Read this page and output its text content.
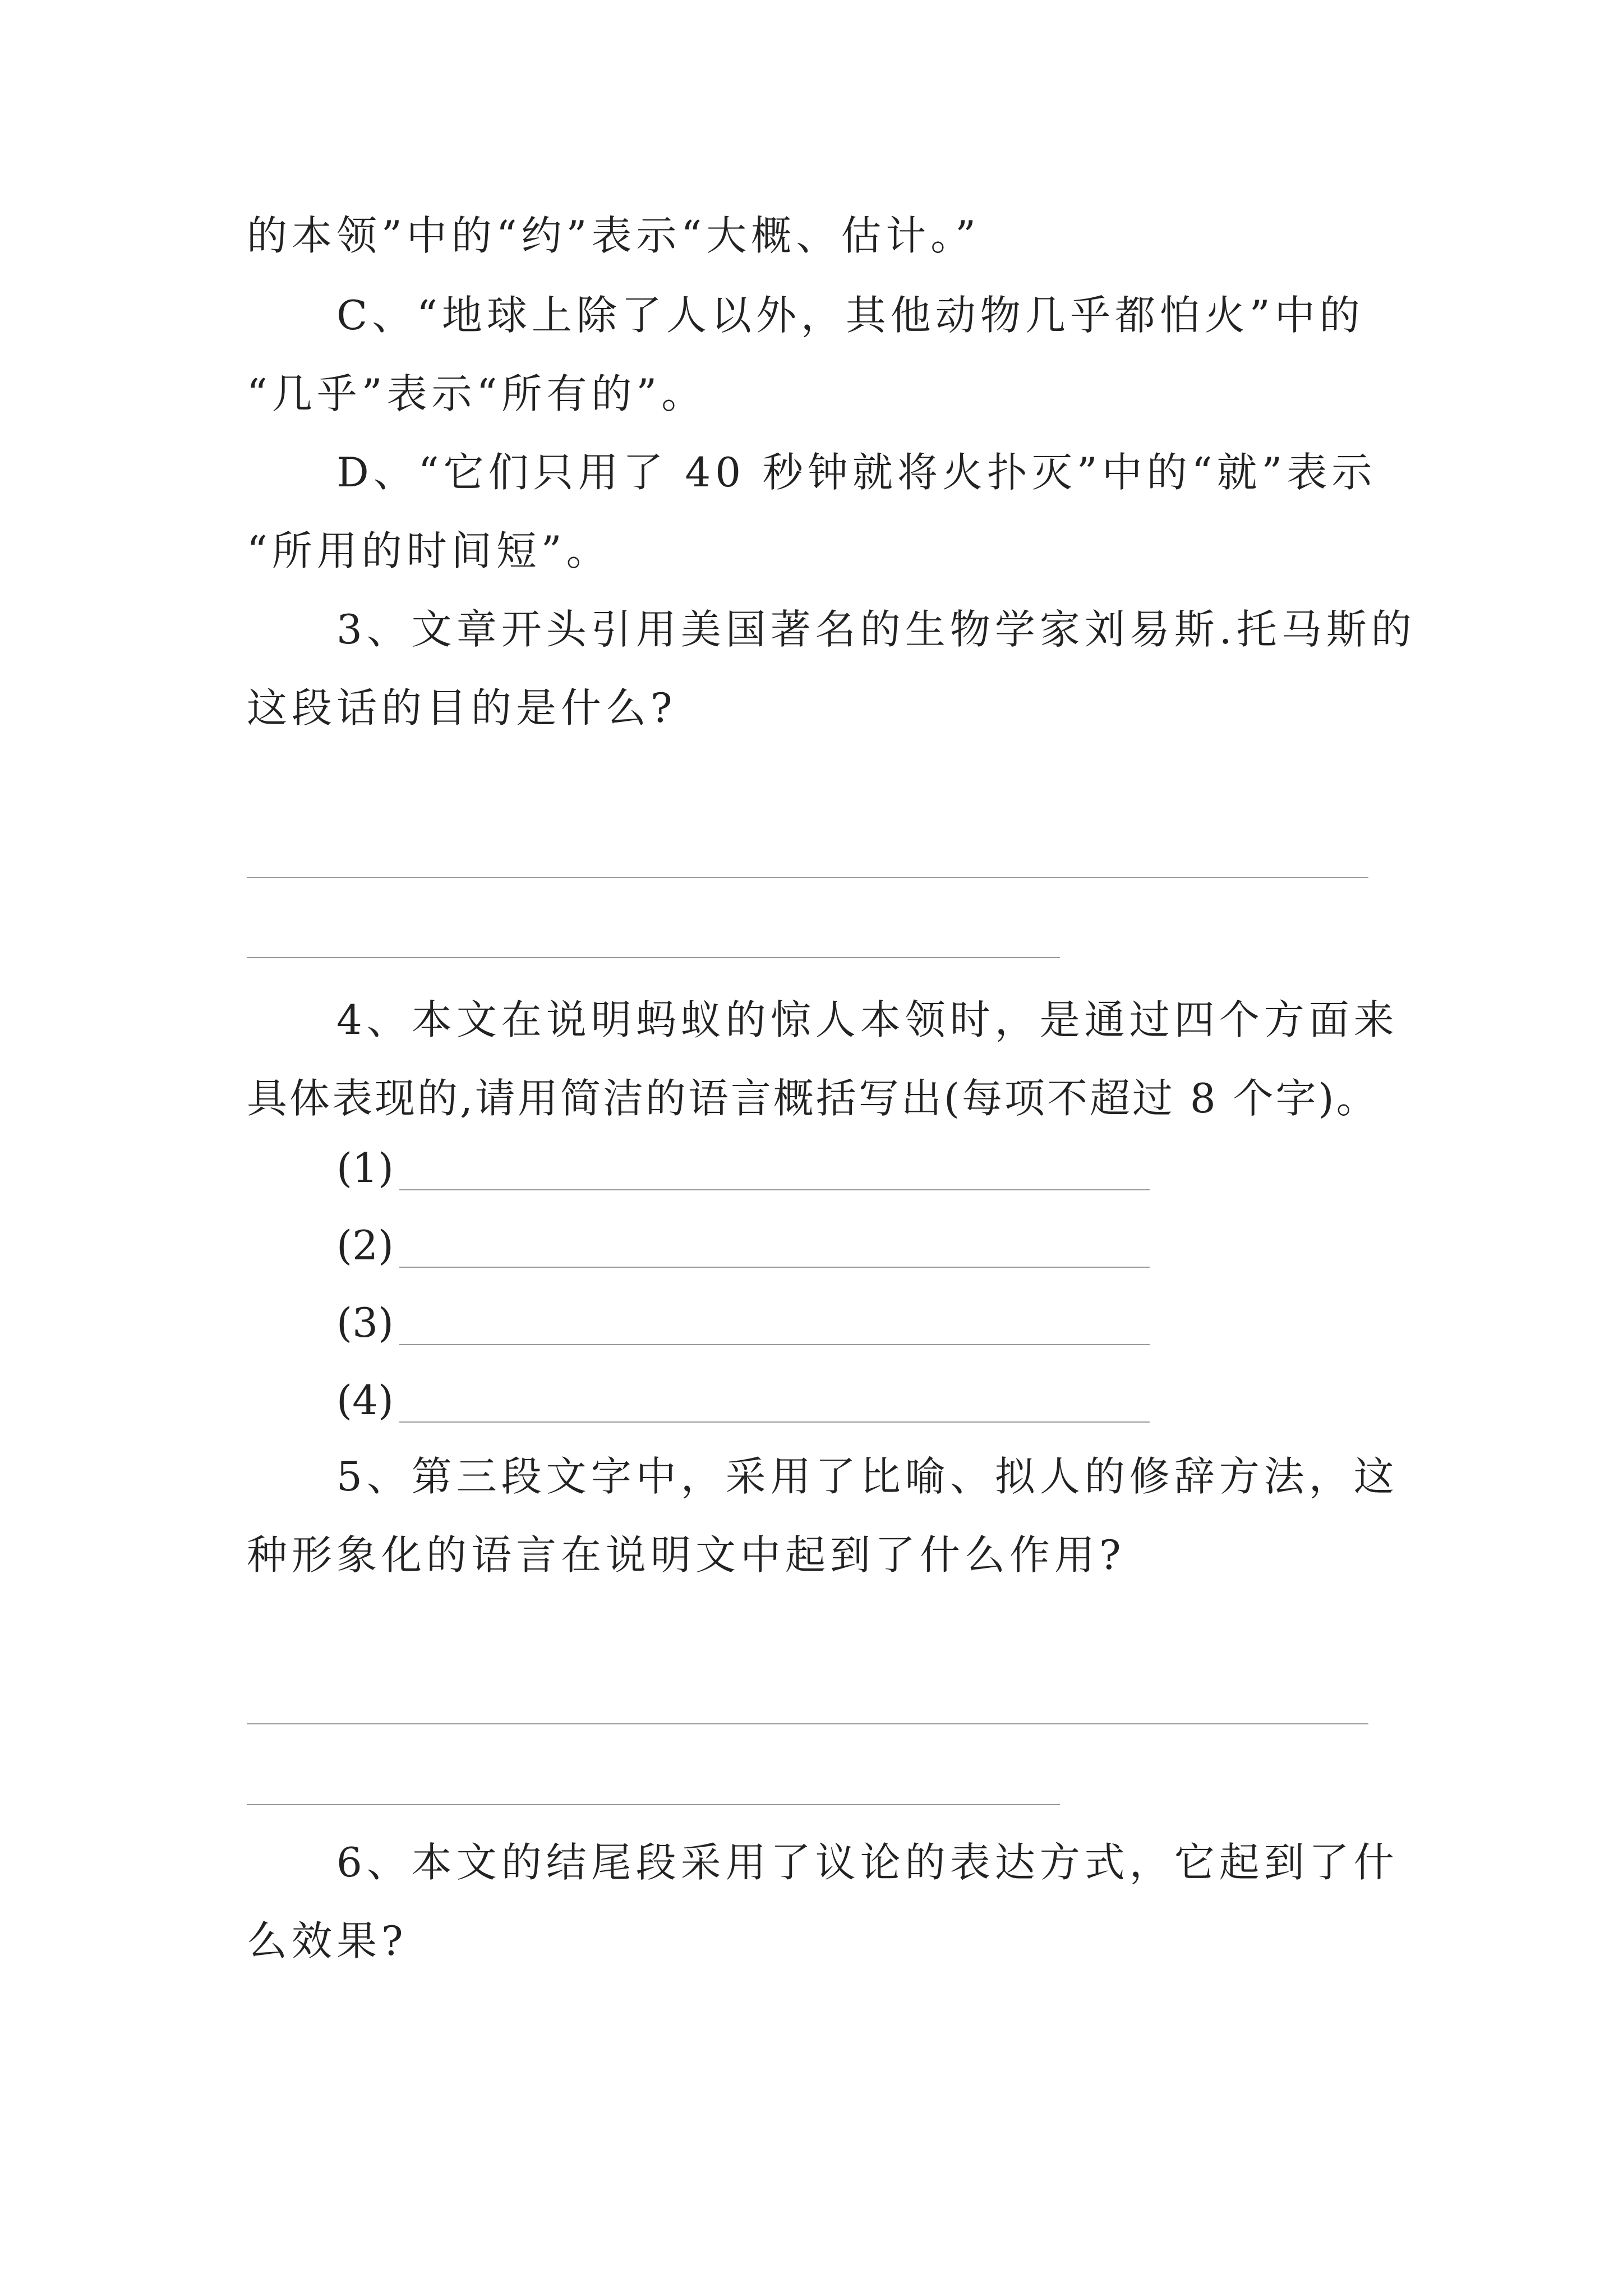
的本领”中的“约”表示“大概、估计。”
C、“地球上除了人以外，其他动物几乎都怕火”中的
“几乎”表示“所有的”。
D、“它们只用了 40 秒钟就将火扑灭”中的“就”表示
“所用的时间短”。
3、文章开头引用美国著名的生物学家刘易斯.托马斯的
这段话的目的是什么?
4、本文在说明蚂蚁的惊人本领时，是通过四个方面来
具体表现的,请用简洁的语言概括写出(每项不超过 8 个字)。
(1)
(2)
(3)
(4)
5、第三段文字中，采用了比喻、拟人的修辞方法，这
种形象化的语言在说明文中起到了什么作用?
6、本文的结尾段采用了议论的表达方式，它起到了什
么效果?
